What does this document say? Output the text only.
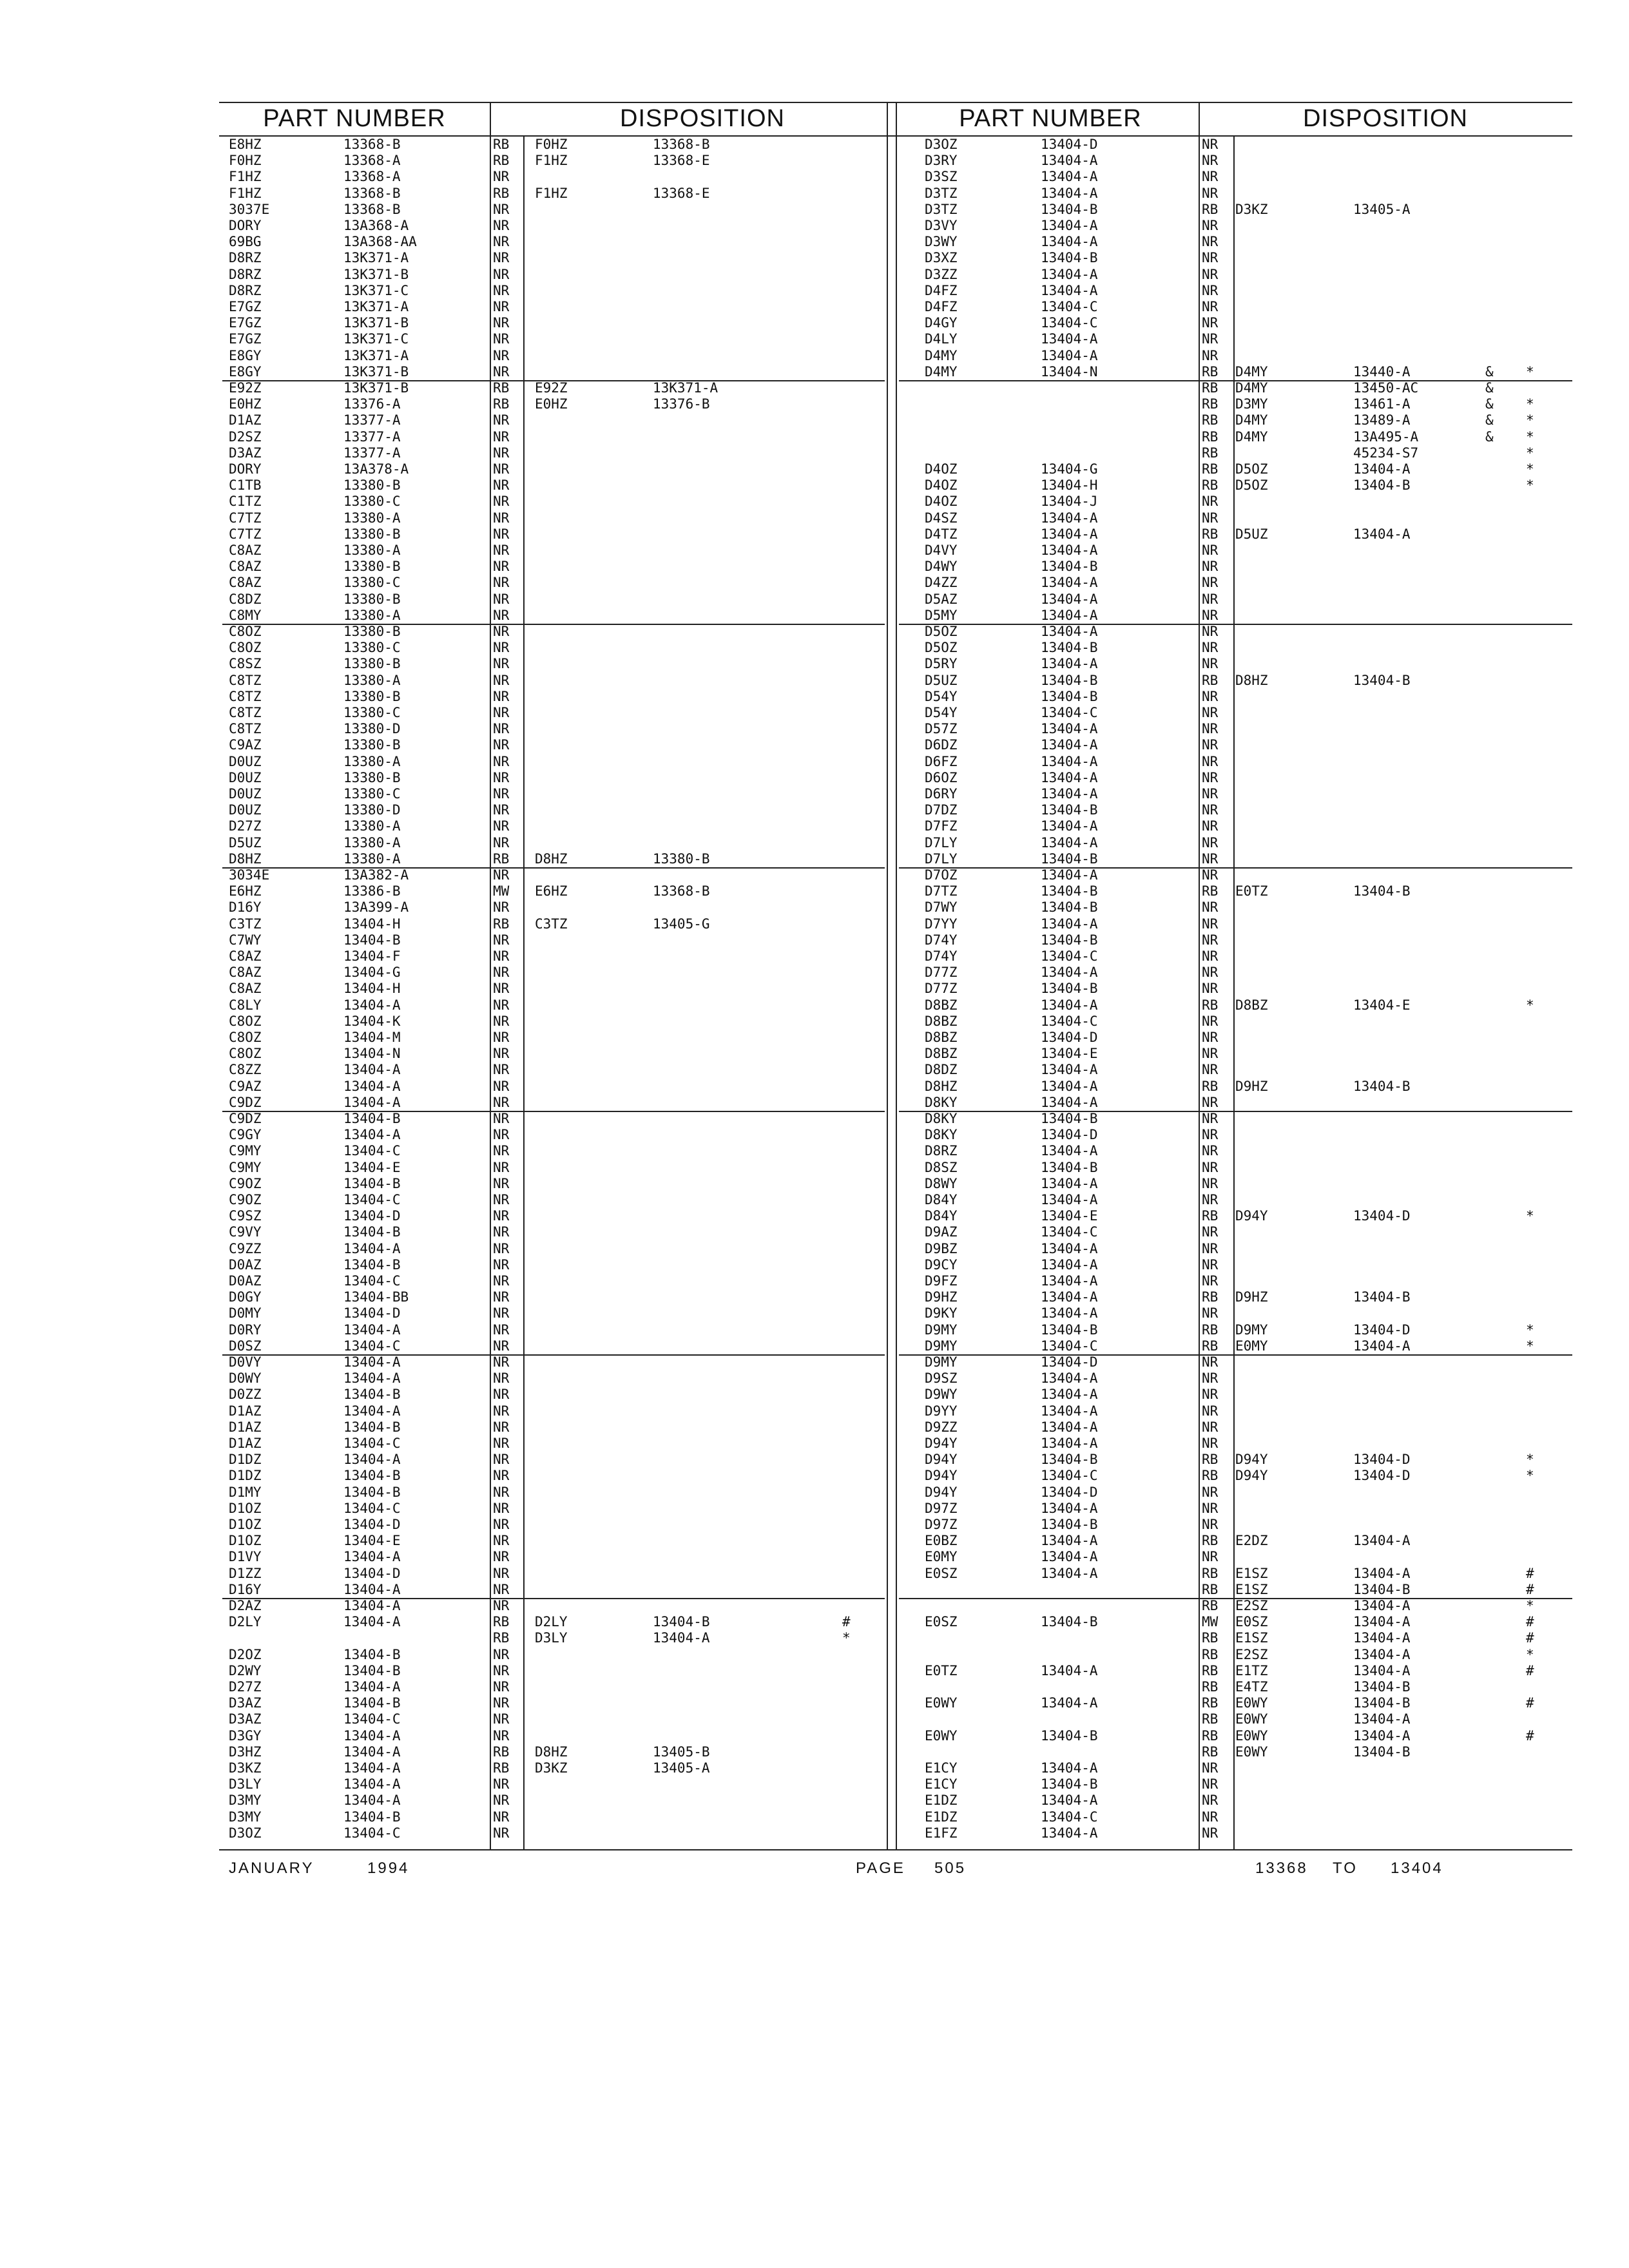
PART NUMBER	DISPOSITION	PART NUMBER	DISPOSITION
E8HZ	13368-B	RB F0HZ	13368-B
F0HZ	13368-A	RB F1HZ	13368-E
F1HZ	13368-A	NR
F1HZ	13368-B	RB F1HZ	13368-E
3037E	13368-B	NR
DORY	13A368-A	NR
69BG	13A368-AA	NR
D8RZ	13K371-A	NR
D8RZ	13K371-B	NR
D8RZ	13K371-C	NR
E7GZ	13K371-A	NR
E7GZ	13K371-B	NR
E7GZ	13K371-C	NR
E8GY	13K371-A	NR
E8GY	13K371-B	NR
E92Z	13K371-B	RB E92Z	13K371-A
E0HZ	13376-A	RB E0HZ	13376-B
D1AZ	13377-A	NR
D2SZ	13377-A	NR
D3AZ	13377-A	NR
DORY	13A378-A	NR
C1TB	13380-B	NR
C1TZ	13380-C	NR
C7TZ	13380-A	NR
C7TZ	13380-B	NR
C8AZ	13380-A	NR
C8AZ	13380-B	NR
C8AZ	13380-C	NR
C8DZ	13380-B	NR
C8MY	13380-A	NR
C8OZ	13380-B	NR
C8OZ	13380-C	NR
C8SZ	13380-B	NR
C8TZ	13380-A	NR
C8TZ	13380-B	NR
C8TZ	13380-C	NR
C8TZ	13380-D	NR
C9AZ	13380-B	NR
D0UZ	13380-A	NR
D0UZ	13380-B	NR
D0UZ	13380-C	NR
D0UZ	13380-D	NR
D27Z	13380-A	NR
D5UZ	13380-A	NR
D8HZ	13380-A	RB D8HZ	13380-B
3034E	13A382-A	NR
E6HZ	13386-B	MW E6HZ	13368-B
D16Y	13A399-A	NR
C3TZ	13404-H	RB C3TZ	13405-G
C7WY	13404-B	NR
C8AZ	13404-F	NR
C8AZ	13404-G	NR
C8AZ	13404-H	NR
C8LY	13404-A	NR
C8OZ	13404-K	NR
C8OZ	13404-M	NR
C8OZ	13404-N	NR
C8ZZ	13404-A	NR
C9AZ	13404-A	NR
C9DZ	13404-A	NR
C9DZ	13404-B	NR
C9GY	13404-A	NR
C9MY	13404-C	NR
C9MY	13404-E	NR
C9OZ	13404-B	NR
C9OZ	13404-C	NR
C9SZ	13404-D	NR
C9VY	13404-B	NR
C9ZZ	13404-A	NR
D0AZ	13404-B	NR
D0AZ	13404-C	NR
D0GY	13404-BB	NR
D0MY	13404-D	NR
D0RY	13404-A	NR
D0SZ	13404-C	NR
D0VY	13404-A	NR
D0WY	13404-A	NR
D0ZZ	13404-B	NR
D1AZ	13404-A	NR
D1AZ	13404-B	NR
D1AZ	13404-C	NR
D1DZ	13404-A	NR
D1DZ	13404-B	NR
D1MY	13404-B	NR
D1OZ	13404-C	NR
D1OZ	13404-D	NR
D1OZ	13404-E	NR
D1VY	13404-A	NR
D1ZZ	13404-D	NR
D16Y	13404-A	NR
D2AZ	13404-A	NR
D2LY	13404-A	RB D2LY	13404-B	#
RB D3LY	13404-A	*
D2OZ	13404-B	NR
D2WY	13404-B	NR
D27Z	13404-A	NR
D3AZ	13404-B	NR
D3AZ	13404-C	NR
D3GY	13404-A	NR
D3HZ	13404-A	RB D8HZ	13405-B
D3KZ	13404-A	RB D3KZ	13405-A
D3LY	13404-A	NR
D3MY	13404-A	NR
D3MY	13404-B	NR
D3OZ	13404-C	NR
D3OZ	13404-D	NR
D3RY	13404-A	NR
D3SZ	13404-A	NR
D3TZ	13404-A	NR
D3TZ	13404-B	RB D3KZ	13405-A
D3VY	13404-A	NR
D3WY	13404-A	NR
D3XZ	13404-B	NR
D3ZZ	13404-A	NR
D4FZ	13404-A	NR
D4FZ	13404-C	NR
D4GY	13404-C	NR
D4LY	13404-A	NR
D4MY	13404-A	NR
D4MY	13404-N	RB D4MY	13440-A	& *
RB D4MY	13450-AC	&
RB D3MY	13461-A	& *
RB D4MY	13489-A	& *
RB D4MY	13A495-A	& *
RB	45234-S7	*
D4OZ	13404-G	RB D5OZ	13404-A	*
D4OZ	13404-H	RB D5OZ	13404-B	*
D4OZ	13404-J	NR
D4SZ	13404-A	NR
D4TZ	13404-A	RB D5UZ	13404-A
D4VY	13404-A	NR
D4WY	13404-B	NR
D4ZZ	13404-A	NR
D5AZ	13404-A	NR
D5MY	13404-A	NR
D5OZ	13404-A	NR
D5OZ	13404-B	NR
D5RY	13404-A	NR
D5UZ	13404-B	RB D8HZ	13404-B
D54Y	13404-B	NR
D54Y	13404-C	NR
D57Z	13404-A	NR
D6DZ	13404-A	NR
D6FZ	13404-A	NR
D6OZ	13404-A	NR
D6RY	13404-A	NR
D7DZ	13404-B	NR
D7FZ	13404-A	NR
D7LY	13404-A	NR
D7LY	13404-B	NR
D7OZ	13404-A	NR
D7TZ	13404-B	RB E0TZ	13404-B
D7WY	13404-B	NR
D7YY	13404-A	NR
D74Y	13404-B	NR
D74Y	13404-C	NR
D77Z	13404-A	NR
D77Z	13404-B	NR
D8BZ	13404-A	RB D8BZ	13404-E	*
D8BZ	13404-C	NR
D8BZ	13404-D	NR
D8BZ	13404-E	NR
D8DZ	13404-A	NR
D8HZ	13404-A	RB D9HZ	13404-B
D8KY	13404-A	NR
D8KY	13404-B	NR
D8KY	13404-D	NR
D8RZ	13404-A	NR
D8SZ	13404-B	NR
D8WY	13404-A	NR
D84Y	13404-A	NR
D84Y	13404-E	RB D94Y	13404-D	*
D9AZ	13404-C	NR
D9BZ	13404-A	NR
D9CY	13404-A	NR
D9FZ	13404-A	NR
D9HZ	13404-A	RB D9HZ	13404-B
D9KY	13404-A	NR
D9MY	13404-B	RB D9MY	13404-D	*
D9MY	13404-C	RB E0MY	13404-A	*
D9MY	13404-D	NR
D9SZ	13404-A	NR
D9WY	13404-A	NR
D9YY	13404-A	NR
D9ZZ	13404-A	NR
D94Y	13404-A	NR
D94Y	13404-B	RB D94Y	13404-D	*
D94Y	13404-C	RB D94Y	13404-D	*
D94Y	13404-D	NR
D97Z	13404-A	NR
D97Z	13404-B	NR
E0BZ	13404-A	RB E2DZ	13404-A
E0MY	13404-A	NR
E0SZ	13404-A	RB E1SZ	13404-A	#
RB E1SZ	13404-B	#
RB E2SZ	13404-A	*
E0SZ	13404-B	MW E0SZ	13404-A	#
RB E1SZ	13404-A	#
RB E2SZ	13404-A	*
E0TZ	13404-A	RB E1TZ	13404-A	#
RB E4TZ	13404-B
E0WY	13404-A	RB E0WY	13404-B	#
RB E0WY	13404-A
E0WY	13404-B	RB E0WY	13404-A	#
RB E0WY	13404-B
E1CY	13404-A	NR
E1CY	13404-B	NR
E1DZ	13404-A	NR
E1DZ	13404-C	NR
E1FZ	13404-A	NR
JANUARY	1994	PAGE 505	13368 TO 13404
